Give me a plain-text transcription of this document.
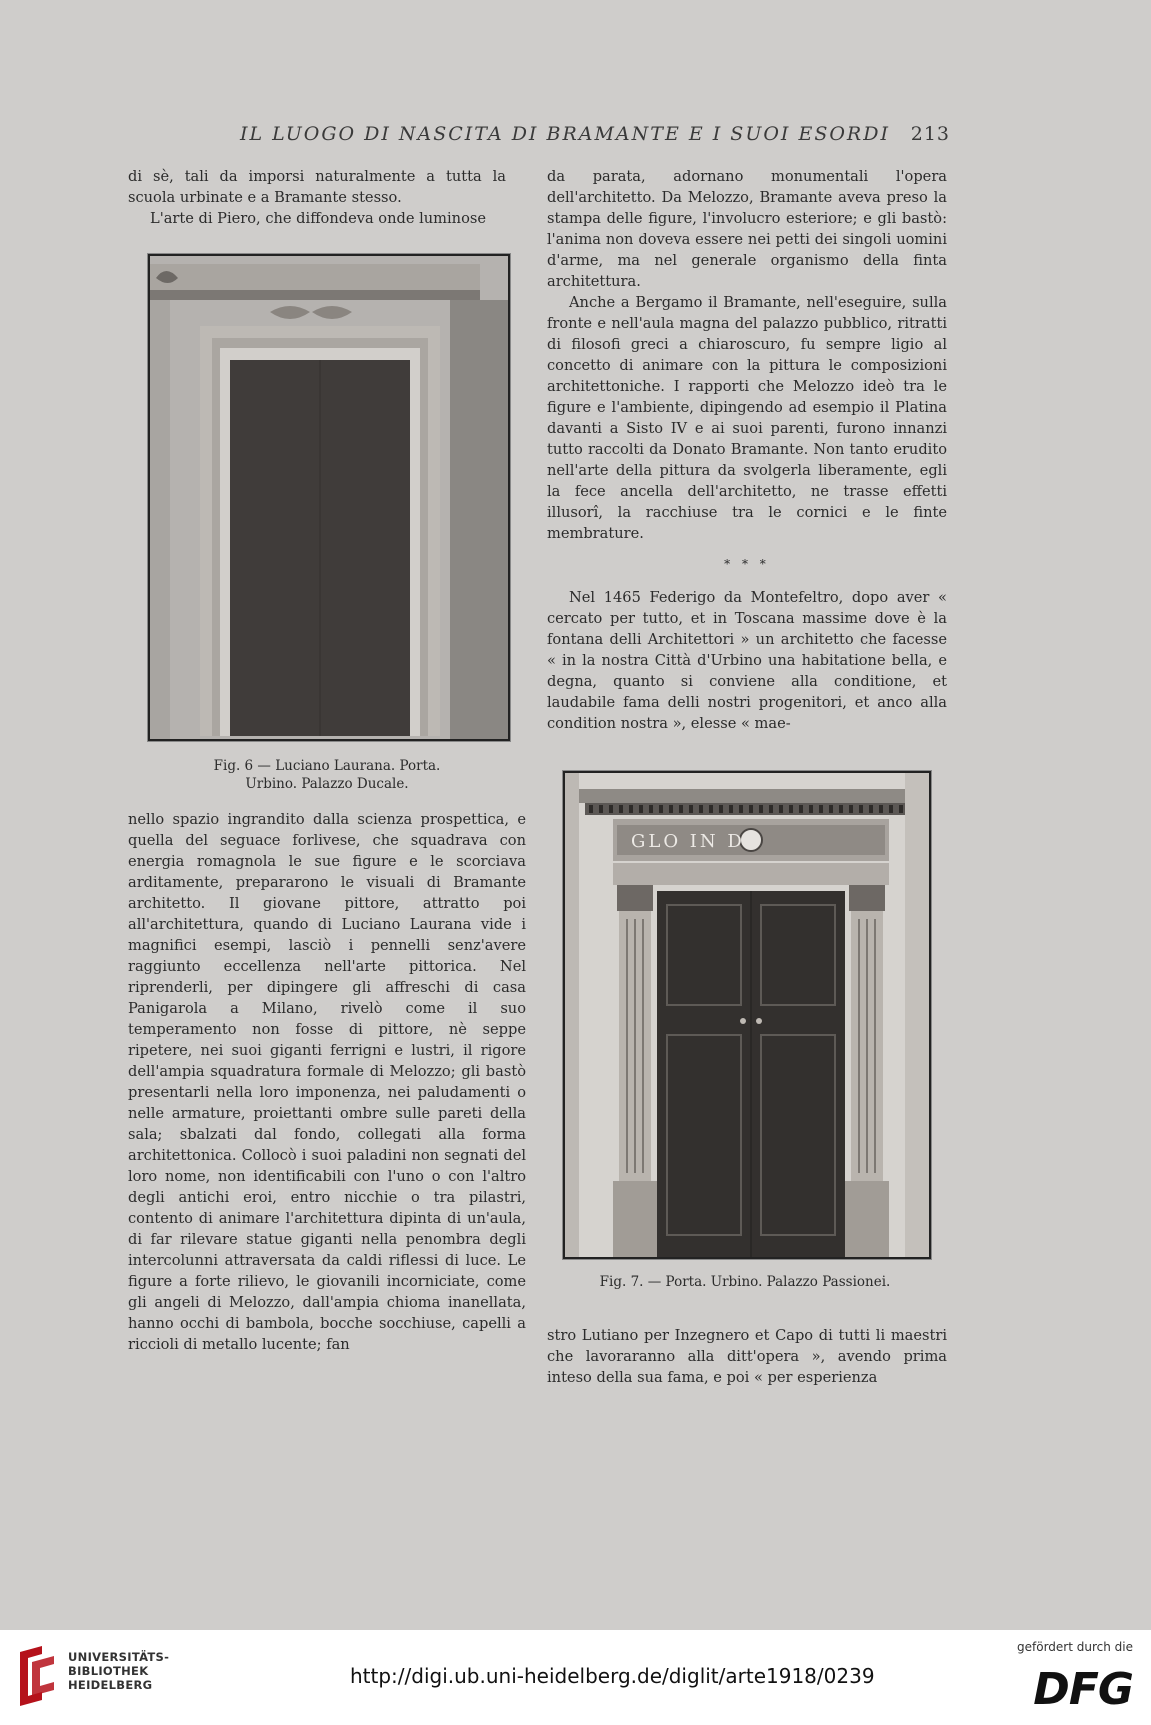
IL LUOGO DI NASCITA DI BRAMANTE E I SUOI ESORDI 213

di sè, tali da imporsi naturalmente a tutta la scuola urbinate e a Bramante stesso.

L'arte di Piero, che diffondeva onde luminose

Fig. 6 — Luciano Laurana. Porta.
Urbino. Palazzo Ducale.

nello spazio ingrandito dalla scienza prospettica, e quella del seguace forlivese, che squadrava con energia romagnola le sue figure e le scorciava arditamente, prepararono le visuali di Bramante architetto. Il giovane pittore, attratto poi all'architettura, quando di Luciano Laurana vide i magnifici esempi, lasciò i pennelli senz'avere raggiunto eccellenza nell'arte pittorica. Nel riprenderli, per dipingere gli affreschi di casa Panigarola a Milano, rivelò come il suo temperamento non fosse di pittore, nè seppe ripetere, nei suoi giganti ferrigni e lustri, il rigore dell'ampia squadratura formale di Melozzo; gli bastò presentarli nella loro imponenza, nei paludamenti o nelle armature, proiettanti ombre sulle pareti della sala; sbalzati dal fondo, collegati alla forma architettonica. Collocò i suoi paladini non segnati del loro nome, non identificabili con l'uno o con l'altro degli antichi eroi, entro nicchie o tra pilastri, contento di animare l'architettura dipinta di un'aula, di far rilevare statue giganti nella penombra degli intercolunni attraversata da caldi riflessi di luce. Le figure a forte rilievo, le giovanili incorniciate, come gli angeli di Melozzo, dall'ampia chioma inanellata, hanno occhi di bambola, bocche socchiuse, capelli a riccioli di metallo lucente; fan

da parata, adornano monumentali l'opera dell'architetto. Da Melozzo, Bramante aveva preso la stampa delle figure, l'involucro esteriore; e gli bastò: l'anima non doveva essere nei petti dei singoli uomini d'arme, ma nel generale organismo della finta architettura.

Anche a Bergamo il Bramante, nell'eseguire, sulla fronte e nell'aula magna del palazzo pubblico, ritratti di filosofi greci a chiaroscuro, fu sempre ligio al concetto di animare con la pittura le composizioni architettoniche. I rapporti che Melozzo ideò tra le figure e l'ambiente, dipingendo ad esempio il Platina davanti a Sisto IV e ai suoi parenti, furono innanzi tutto raccolti da Donato Bramante. Non tanto erudito nell'arte della pittura da svolgerla liberamente, egli la fece ancella dell'architetto, ne trasse effetti illusorî, la racchiuse tra le cornici e le finte membrature.

* * *

Nel 1465 Federigo da Montefeltro, dopo aver « cercato per tutto, et in Toscana massime dove è la fontana delli Architettori » un architetto che facesse « in la nostra Città d'Urbino una habitatione bella, e degna, quanto si conviene alla conditione, et laudabile fama delli nostri progenitori, et anco alla condition nostra », elesse « mae-

GLO IN D
Fig. 7. — Porta. Urbino. Palazzo Passionei.

stro Lutiano per Inzegnero et Capo di tutti li maestri che lavoraranno alla ditt'opera », avendo prima inteso della sua fama, e poi « per esperienza

UNIVERSITÄTS-
BIBLIOTHEK
HEIDELBERG	http://digi.ub.uni-heidelberg.de/diglit/arte1918/0239
gefördert durch die
DFG
